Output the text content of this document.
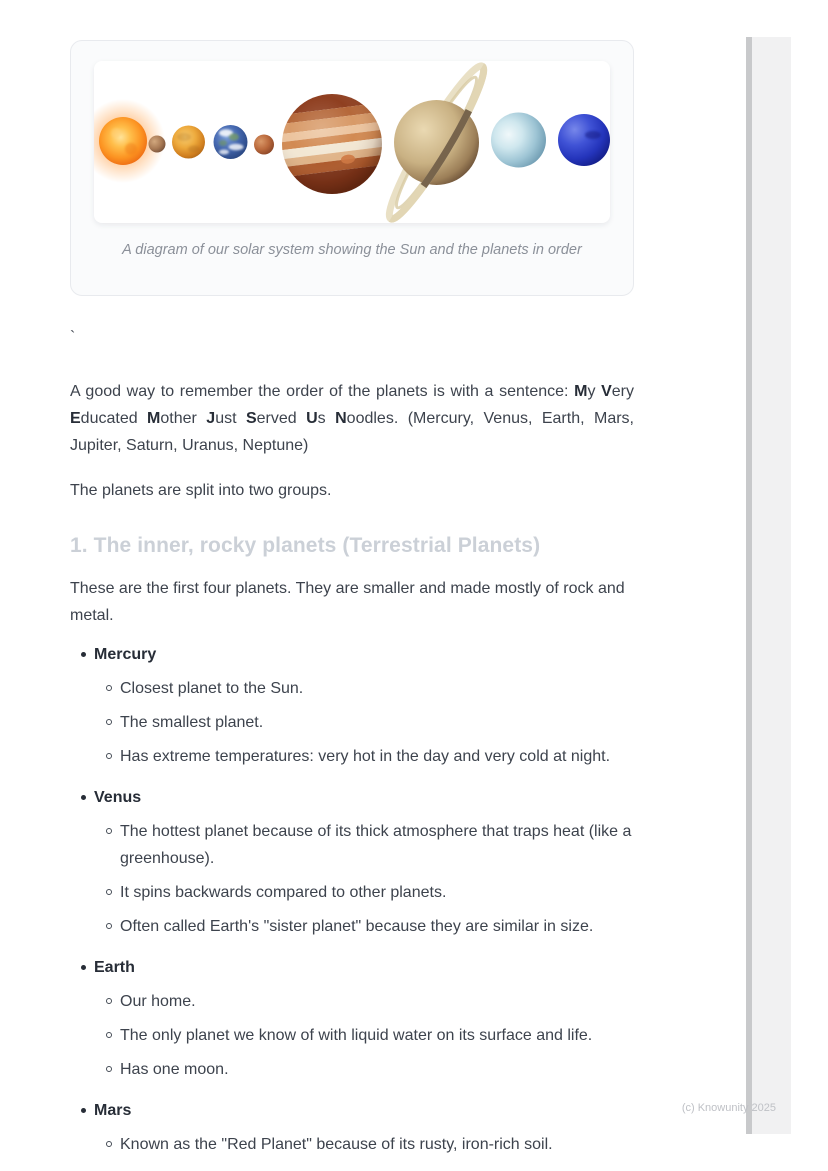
A diagram of our solar system showing the Sun and the planets in order
`

A good way to remember the order of the planets is with a sentence: My Very Educated Mother Just Served Us Noodles. (Mercury, Venus, Earth, Mars, Jupiter, Saturn, Uranus, Neptune)

The planets are split into two groups.

1. The inner, rocky planets (Terrestrial Planets)

These are the first four planets. They are smaller and made mostly of rock and metal.

Mercury
Closest planet to the Sun.
The smallest planet.
Has extreme temperatures: very hot in the day and very cold at night.
Venus
The hottest planet because of its thick atmosphere that traps heat (like a greenhouse).
It spins backwards compared to other planets.
Often called Earth's "sister planet" because they are similar in size.
Earth
Our home.
The only planet we know of with liquid water on its surface and life.
Has one moon.
Mars
Known as the "Red Planet" because of its rusty, iron-rich soil.
(c) Knowunity 2025
